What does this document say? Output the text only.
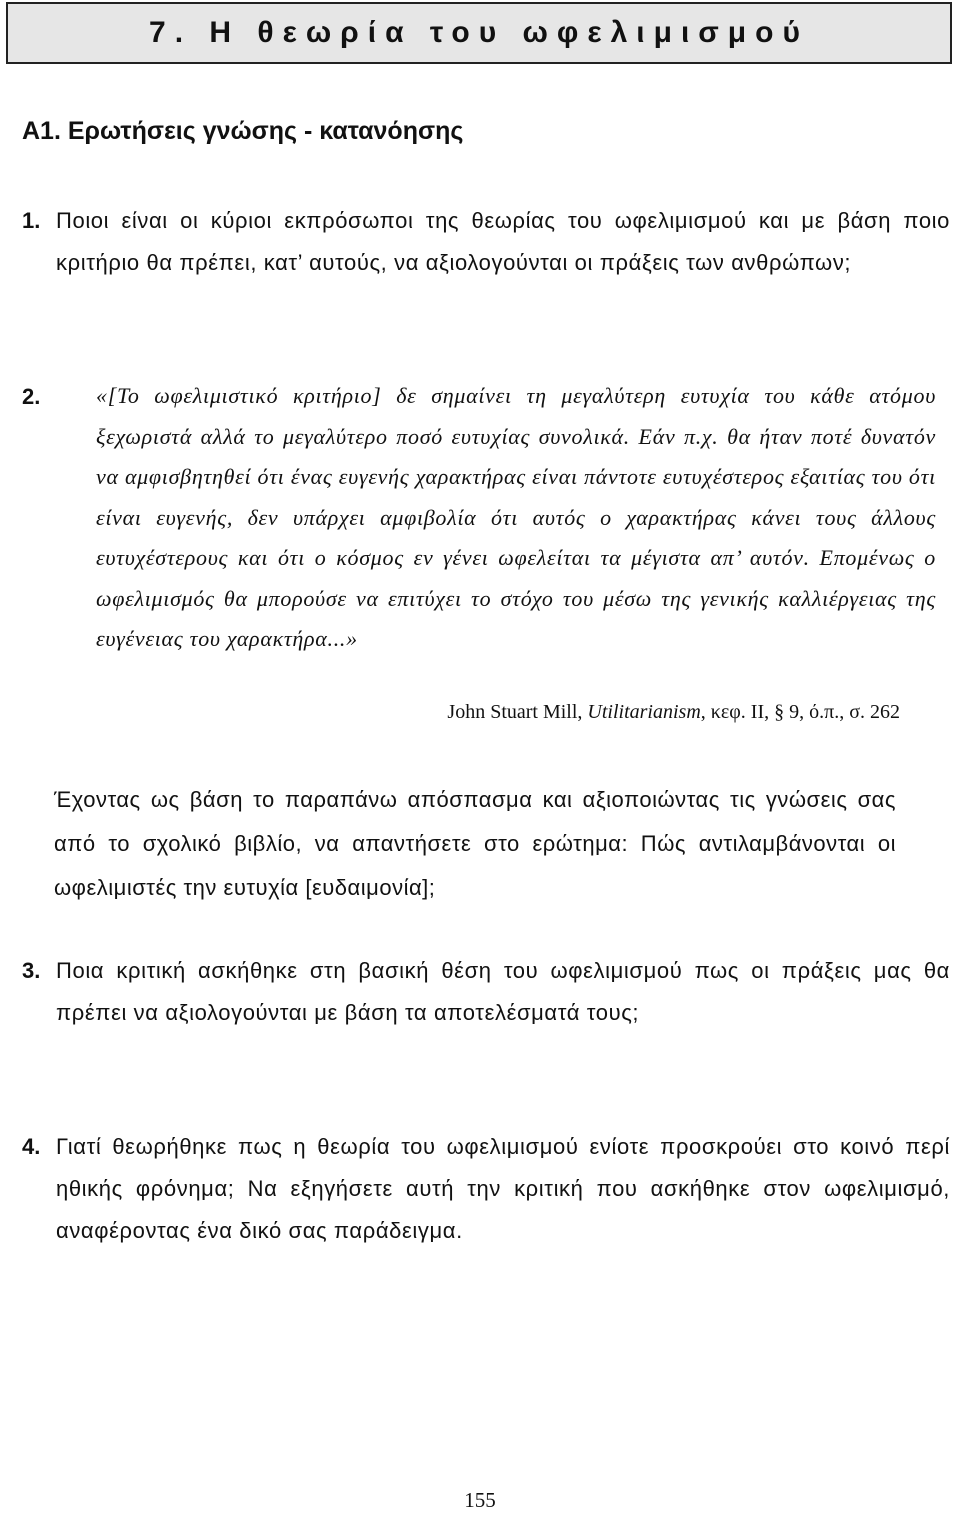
7. Η θεωρία του ωφελιμισμού
Α1. Ερωτήσεις γνώσης - κατανόησης
1. Ποιοι είναι οι κύριοι εκπρόσωποι της θεωρίας του ωφελιμισμού και με βάση ποιο κριτήριο θα πρέπει, κατ’ αυτούς, να αξιολογούνται οι πράξεις των ανθρώπων;
2.	«[Το ωφελιμιστικό κριτήριο] δε σημαίνει τη μεγαλύτερη ευτυχία του κάθε ατόμου ξεχωριστά αλλά το μεγαλύτερο ποσό ευτυχίας συνολικά. Εάν π.χ. θα ήταν ποτέ δυνατόν να αμφισβητηθεί ότι ένας ευγενής χαρακτήρας είναι πάντοτε ευτυχέστερος εξαιτίας του ότι είναι ευγενής, δεν υπάρχει αμφιβολία ότι αυτός ο χαρακτήρας κάνει τους άλλους ευτυχέστερους και ότι ο κόσμος εν γένει ωφελείται τα μέγιστα απ’ αυτόν. Επομένως ο ωφελιμισμός θα μπορούσε να επιτύχει το στόχο του μέσω της γενικής καλλιέργειας της ευγένειας του χαρακτήρα...»
John Stuart Mill, Utilitarianism, κεφ. ΙΙ, § 9, ό.π., σ. 262
Έχοντας ως βάση το παραπάνω απόσπασμα και αξιοποιώντας τις γνώσεις σας από το σχολικό βιβλίο, να απαντήσετε στο ερώτημα: Πώς αντιλαμβάνονται οι ωφελιμιστές την ευτυχία [ευδαιμονία];
3. Ποια κριτική ασκήθηκε στη βασική θέση του ωφελιμισμού πως οι πράξεις μας θα πρέπει να αξιολογούνται με βάση τα αποτελέσματά τους;
4. Γιατί θεωρήθηκε πως η θεωρία του ωφελιμισμού ενίοτε προσκρούει στο κοινό περί ηθικής φρόνημα; Να εξηγήσετε αυτή την κριτική που ασκήθηκε στον ωφελιμισμό, αναφέροντας ένα δικό σας παράδειγμα.
155
